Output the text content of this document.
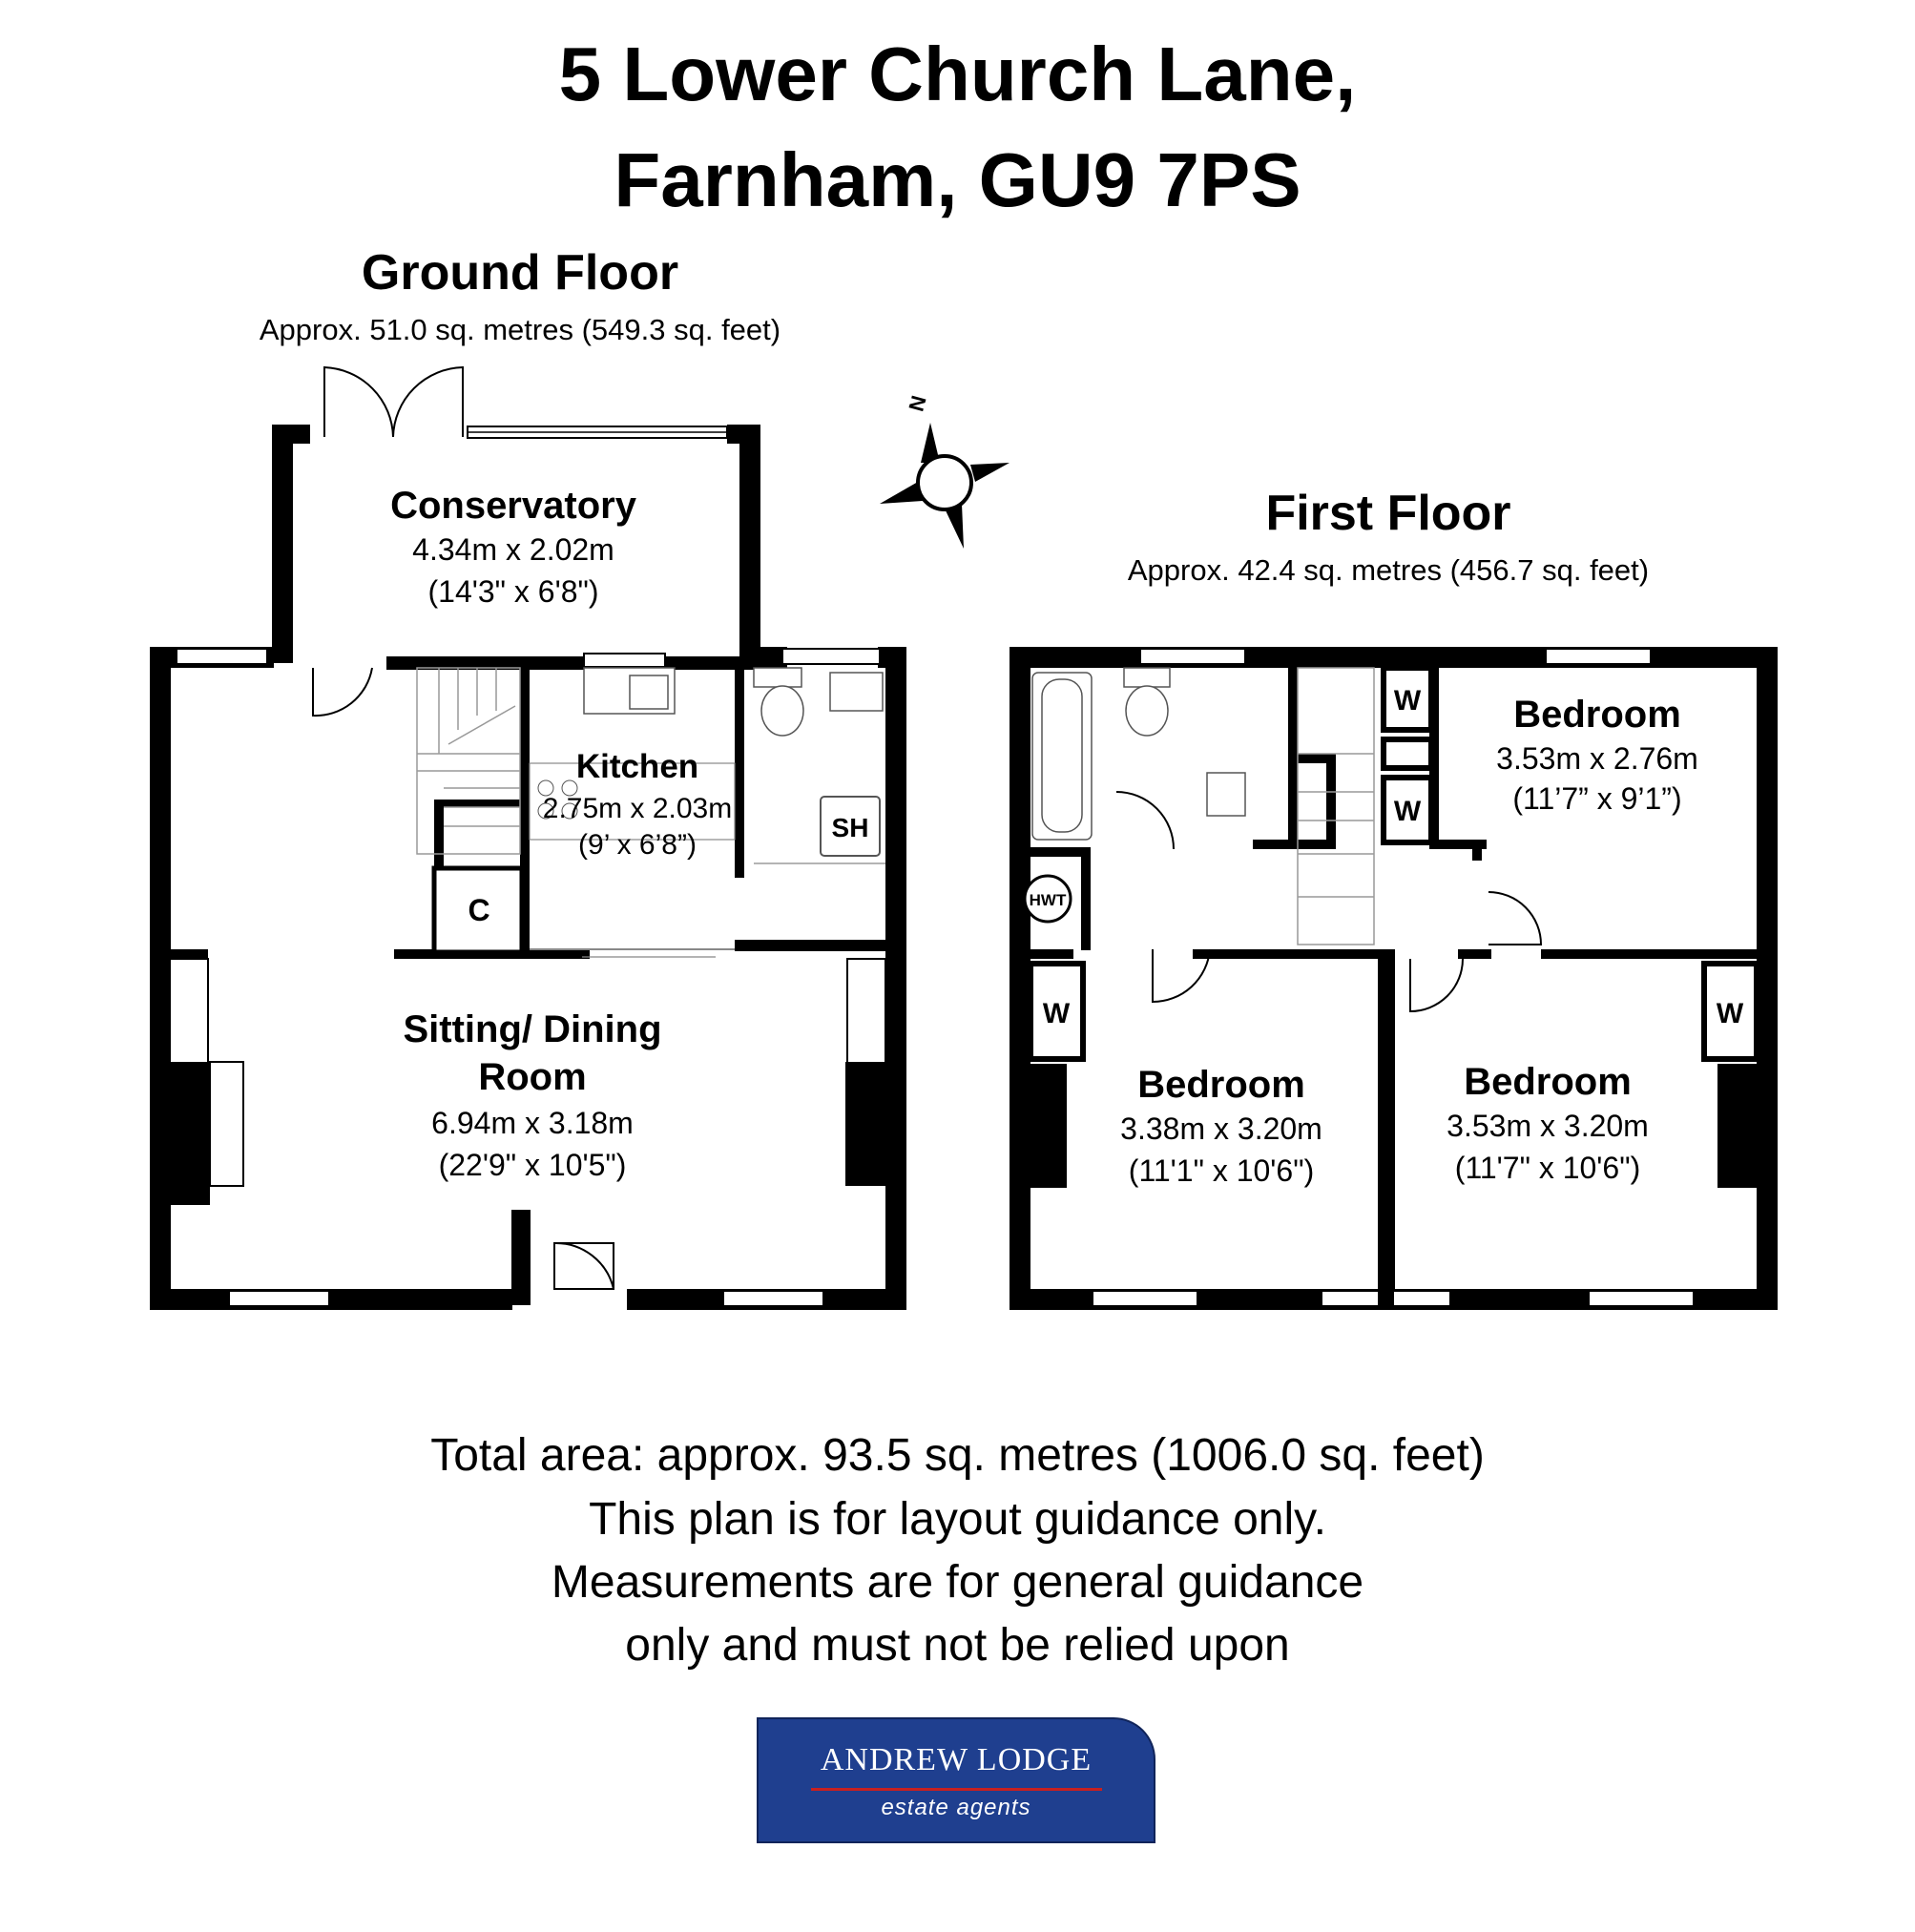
5 Lower Church Lane,
Farnham, GU9 7PS
Ground Floor
Approx. 51.0 sq. metres (549.3 sq. feet)
First Floor
Approx. 42.4 sq. metres (456.7 sq. feet)
Conservatory
4.34m x 2.02m
(14'3" x 6'8")
Kitchen
2.75m x 2.03m
(9’ x 6’8”)
Sitting/ Dining
Room
6.94m x 3.18m
(22'9" x 10'5")
C
SH
N
Bedroom
3.53m x 2.76m
(11’7” x 9’1”)
Bedroom
3.38m x 3.20m
(11'1" x 10'6")
Bedroom
3.53m x 3.20m
(11'7" x 10'6")
W
W
W	W
HWT
Total area: approx. 93.5 sq. metres (1006.0 sq. feet)
This plan is for layout guidance only.
Measurements are for general guidance
only and must not be relied upon
ANDREW LODGE
estate agents
